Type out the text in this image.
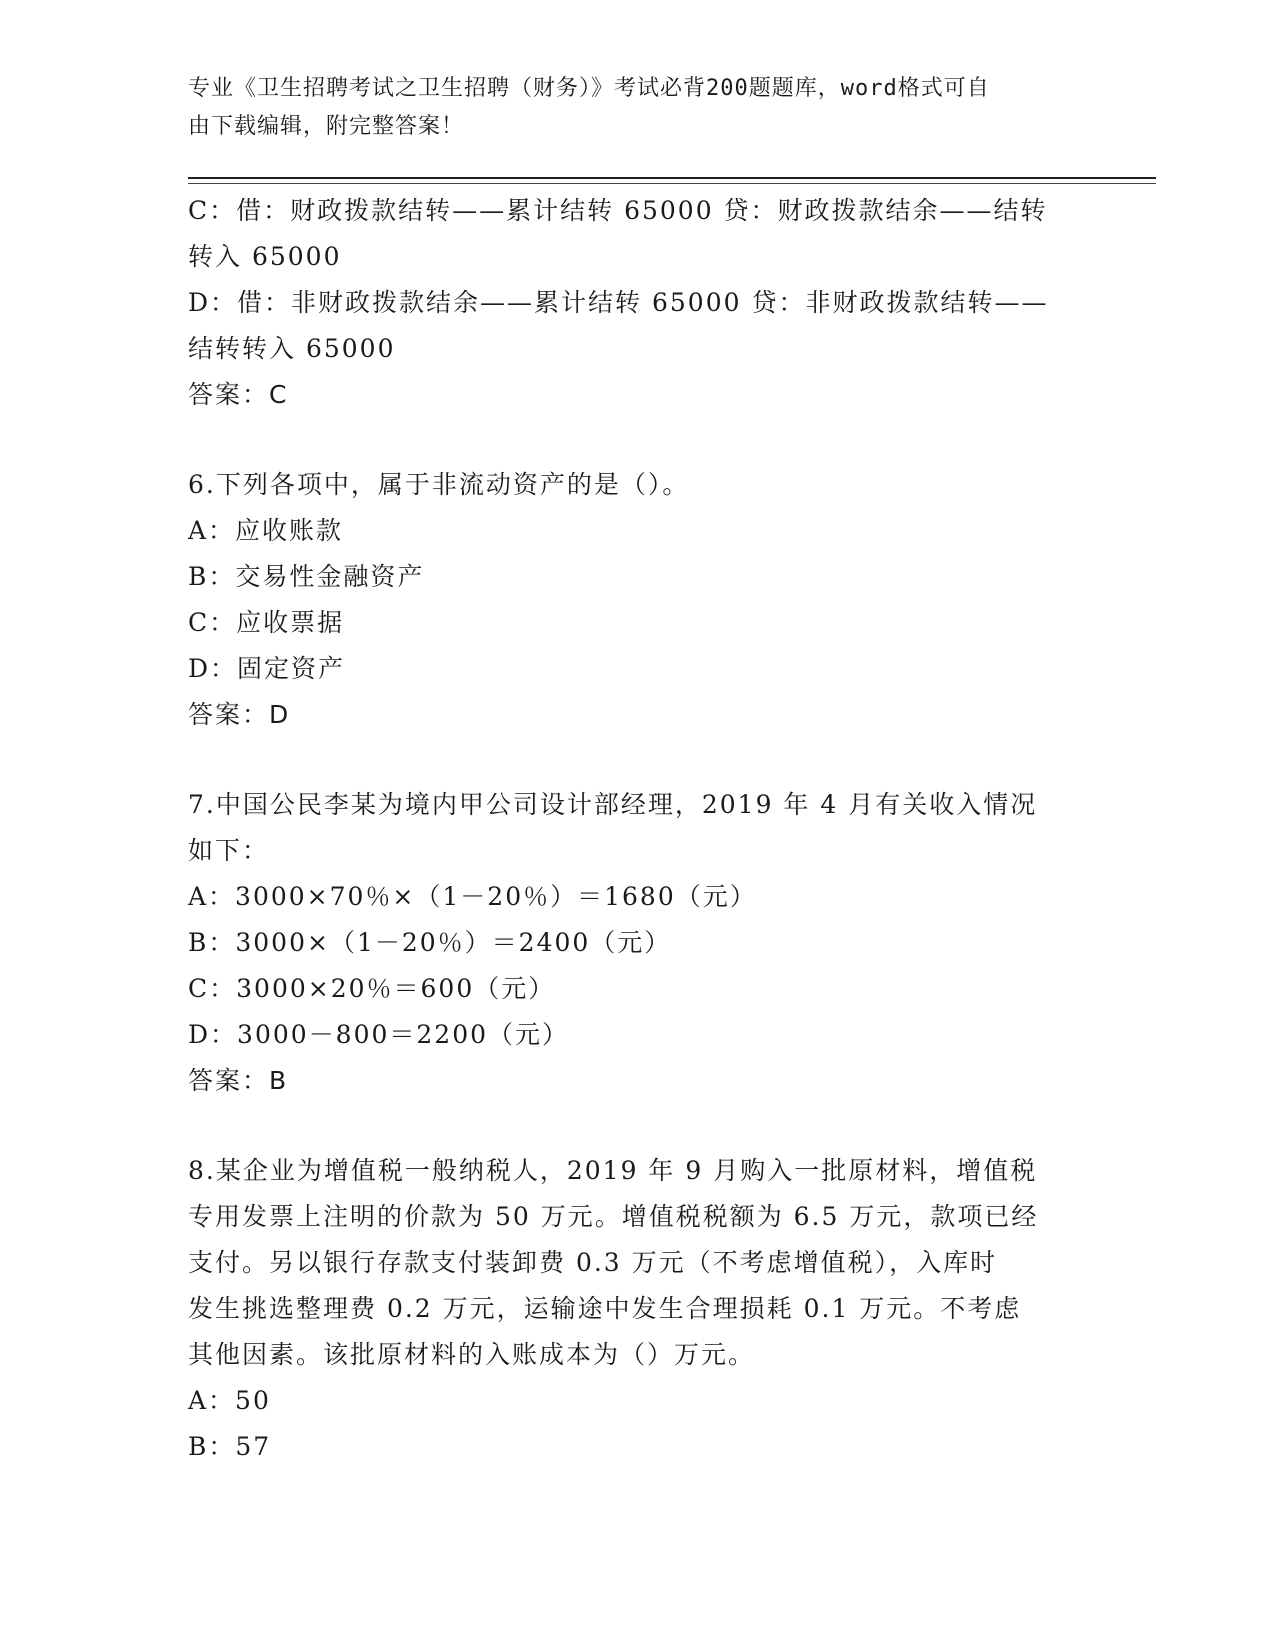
专业《卫生招聘考试之卫生招聘（财务）》考试必背200题题库，word格式可自
由下载编辑，附完整答案！
C：借：财政拨款结转——累计结转 65000 贷：财政拨款结余——结转
转入 65000
D：借：非财政拨款结余——累计结转 65000 贷：非财政拨款结转——
结转转入 65000
答案：C
6.下列各项中，属于非流动资产的是（）。
A：应收账款
B：交易性金融资产
C：应收票据
D：固定资产
答案：D
7.中国公民李某为境内甲公司设计部经理，2019 年 4 月有关收入情况
如下：
A：3000×70％×（1－20％）＝1680（元）
B：3000×（1－20％）＝2400（元）
C：3000×20％＝600（元）
D：3000－800＝2200（元）
答案：B
8.某企业为增值税一般纳税人，2019 年 9 月购入一批原材料，增值税
专用发票上注明的价款为 50 万元。增值税税额为 6.5 万元，款项已经
支付。另以银行存款支付装卸费 0.3 万元（不考虑增值税），入库时
发生挑选整理费 0.2 万元，运输途中发生合理损耗 0.1 万元。不考虑
其他因素。该批原材料的入账成本为（）万元。
A：50
B：57
